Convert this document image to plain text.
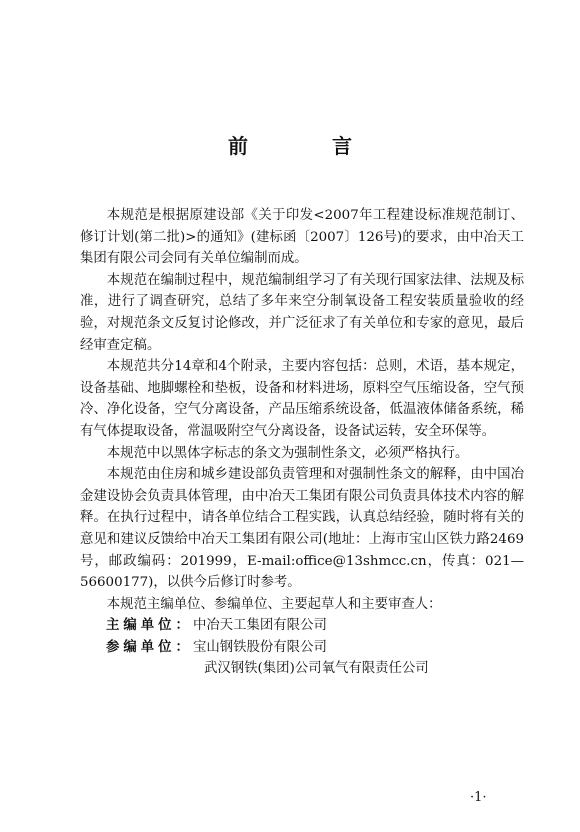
前　言

本规范是根据原建设部《关于印发<2007年工程建设标准规范制订、修订计划(第二批)>的通知》(建标函〔2007〕126号)的要求，由中冶天工集团有限公司会同有关单位编制而成。

本规范在编制过程中，规范编制组学习了有关现行国家法律、法规及标准，进行了调查研究，总结了多年来空分制氧设备工程安装质量验收的经验，对规范条文反复讨论修改，并广泛征求了有关单位和专家的意见，最后经审查定稿。

本规范共分14章和4个附录，主要内容包括：总则，术语，基本规定，设备基础、地脚螺栓和垫板，设备和材料进场，原料空气压缩设备，空气预冷、净化设备，空气分离设备，产品压缩系统设备，低温液体储备系统，稀有气体提取设备，常温吸附空气分离设备，设备试运转，安全环保等。

本规范中以黑体字标志的条文为强制性条文，必须严格执行。

本规范由住房和城乡建设部负责管理和对强制性条文的解释，由中国冶金建设协会负责具体管理，由中冶天工集团有限公司负责具体技术内容的解释。在执行过程中，请各单位结合工程实践，认真总结经验，随时将有关的意见和建议反馈给中冶天工集团有限公司(地址：上海市宝山区铁力路2469号，邮政编码：201999，E-mail:office@13shmcc.cn，传真：021—56600177)，以供今后修订时参考。

本规范主编单位、参编单位、主要起草人和主要审查人：

主编单位：中冶天工集团有限公司
参编单位：宝山钢铁股份有限公司
武汉钢铁(集团)公司氧气有限责任公司
·1·
